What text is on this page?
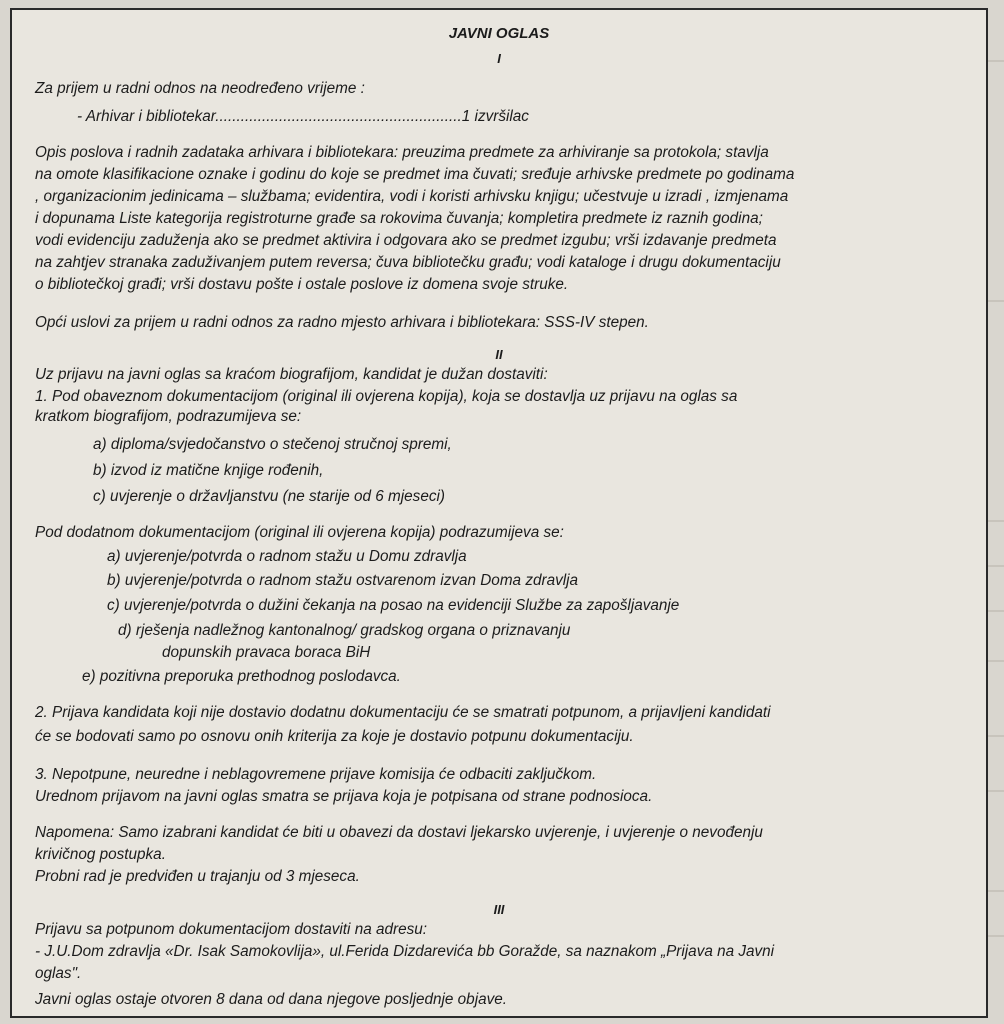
JAVNI OGLAS
I
Za prijem u radni odnos na neodređeno vrijeme :
- Arhivar i bibliotekar..........................................................1 izvršilac
Opis poslova i radnih zadataka arhivara i bibliotekara: preuzima predmete za arhiviranje sa protokola; stavlja
na omote klasifikacione oznake i godinu do koje se predmet ima čuvati; sređuje arhivske predmete po godinama
, organizacionim jedinicama – službama; evidentira, vodi i koristi arhivsku knjigu; učestvuje u izradi , izmjenama
i dopunama Liste kategorija registroturne građe sa rokovima čuvanja; kompletira predmete iz raznih godina;
vodi evidenciju zaduženja ako se predmet aktivira i odgovara ako se predmet izgubu; vrši izdavanje predmeta
na zahtjev stranaka zaduživanjem putem reversa; čuva bibliotečku građu; vodi kataloge i drugu dokumentaciju
o bibliotečkoj građi; vrši dostavu pošte i ostale poslove iz domena svoje struke.
Opći uslovi za prijem u radni odnos za radno mjesto arhivara i bibliotekara: SSS-IV stepen.
II
Uz prijavu na javni oglas sa kraćom biografijom, kandidat je dužan dostaviti:
1. Pod obaveznom dokumentacijom (original ili ovjerena kopija), koja se dostavlja uz prijavu na oglas sa
kratkom biografijom, podrazumijeva se:
a) diploma/svjedočanstvo o stečenoj stručnoj spremi,
b) izvod iz matične knjige rođenih,
c) uvjerenje o državljanstvu (ne starije od 6 mjeseci)
Pod dodatnom dokumentacijom (original ili ovjerena kopija) podrazumijeva se:
a) uvjerenje/potvrda o radnom stažu u Domu zdravlja
b) uvjerenje/potvrda o radnom stažu ostvarenom izvan Doma zdravlja
c) uvjerenje/potvrda o dužini čekanja na posao na evidenciji Službe za zapošljavanje
d) rješenja nadležnog kantonalnog/ gradskog organa o priznavanju
dopunskih pravaca boraca BiH
e) pozitivna preporuka prethodnog poslodavca.
2. Prijava kandidata koji nije dostavio dodatnu dokumentaciju će se smatrati potpunom, a prijavljeni kandidati
će se bodovati samo po osnovu onih kriterija za koje je dostavio potpunu dokumentaciju.
3. Nepotpune, neuredne i neblagovremene prijave komisija će odbaciti zaključkom.
Urednom prijavom na javni oglas smatra se prijava koja je potpisana od strane podnosioca.
Napomena: Samo izabrani kandidat će biti u obavezi da dostavi ljekarsko uvjerenje, i uvjerenje o nevođenju
krivičnog postupka.
Probni rad je predviđen u trajanju od 3 mjeseca.
III
Prijavu sa potpunom dokumentacijom dostaviti na adresu:
- J.U.Dom zdravlja «Dr. Isak Samokovlija», ul.Ferida Dizdarevića bb Goražde, sa naznakom „Prijava na Javni
oglas".
Javni oglas ostaje otvoren 8 dana od dana njegove posljednje objave.
